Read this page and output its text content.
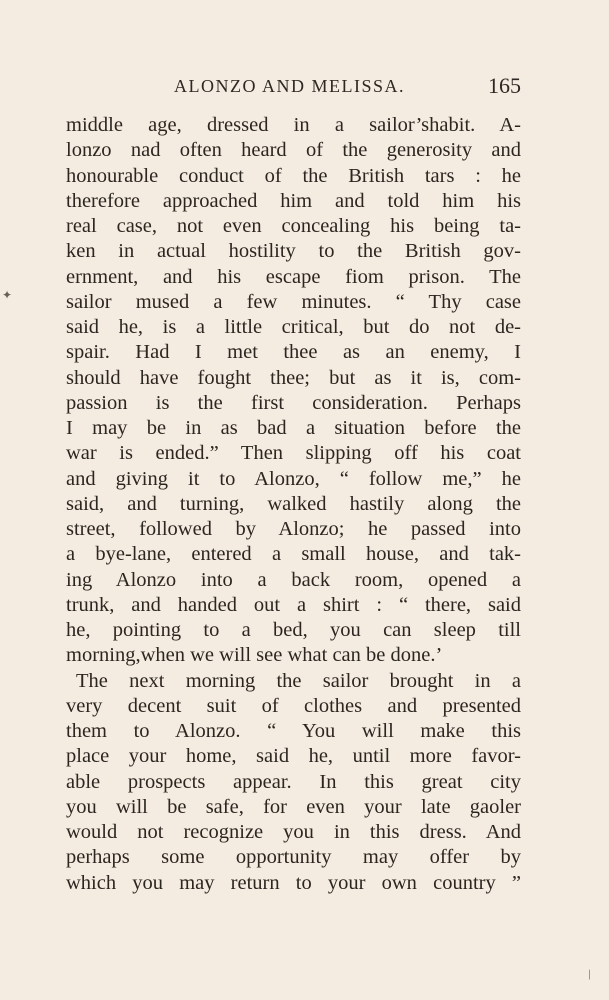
ALONZO AND MELISSA.	165
middle age, dressed in a sailor’shabit. A-
lonzo nad often heard of the generosity and
honourable conduct of the British tars : he
therefore approached him and told him his
real case, not even concealing his being ta-
ken in actual hostility to the British gov-
ernment, and his escape fiom prison. The
sailor mused a few minutes. “ Thy case
said he, is a little critical, but do not de-
spair. Had I met thee as an enemy, I
should have fought thee; but as it is, com-
passion is the first consideration. Perhaps
I may be in as bad a situation before the
war is ended.” Then slipping off his coat
and giving it to Alonzo, “ follow me,” he
said, and turning, walked hastily along the
street, followed by Alonzo; he passed into
a bye-lane, entered a small house, and tak-
ing Alonzo into a back room, opened a
trunk, and handed out a shirt : “ there, said
he, pointing to a bed, you can sleep till
morning,when we will see what can be done.’
The next morning the sailor brought in a
very decent suit of clothes and presented
them to Alonzo. “ You will make this
place your home, said he, until more favor-
able prospects appear. In this great city
you will be safe, for even your late gaoler
would not recognize you in this dress. And
perhaps some opportunity may offer by
which you may return to your own country ”
✦
/
